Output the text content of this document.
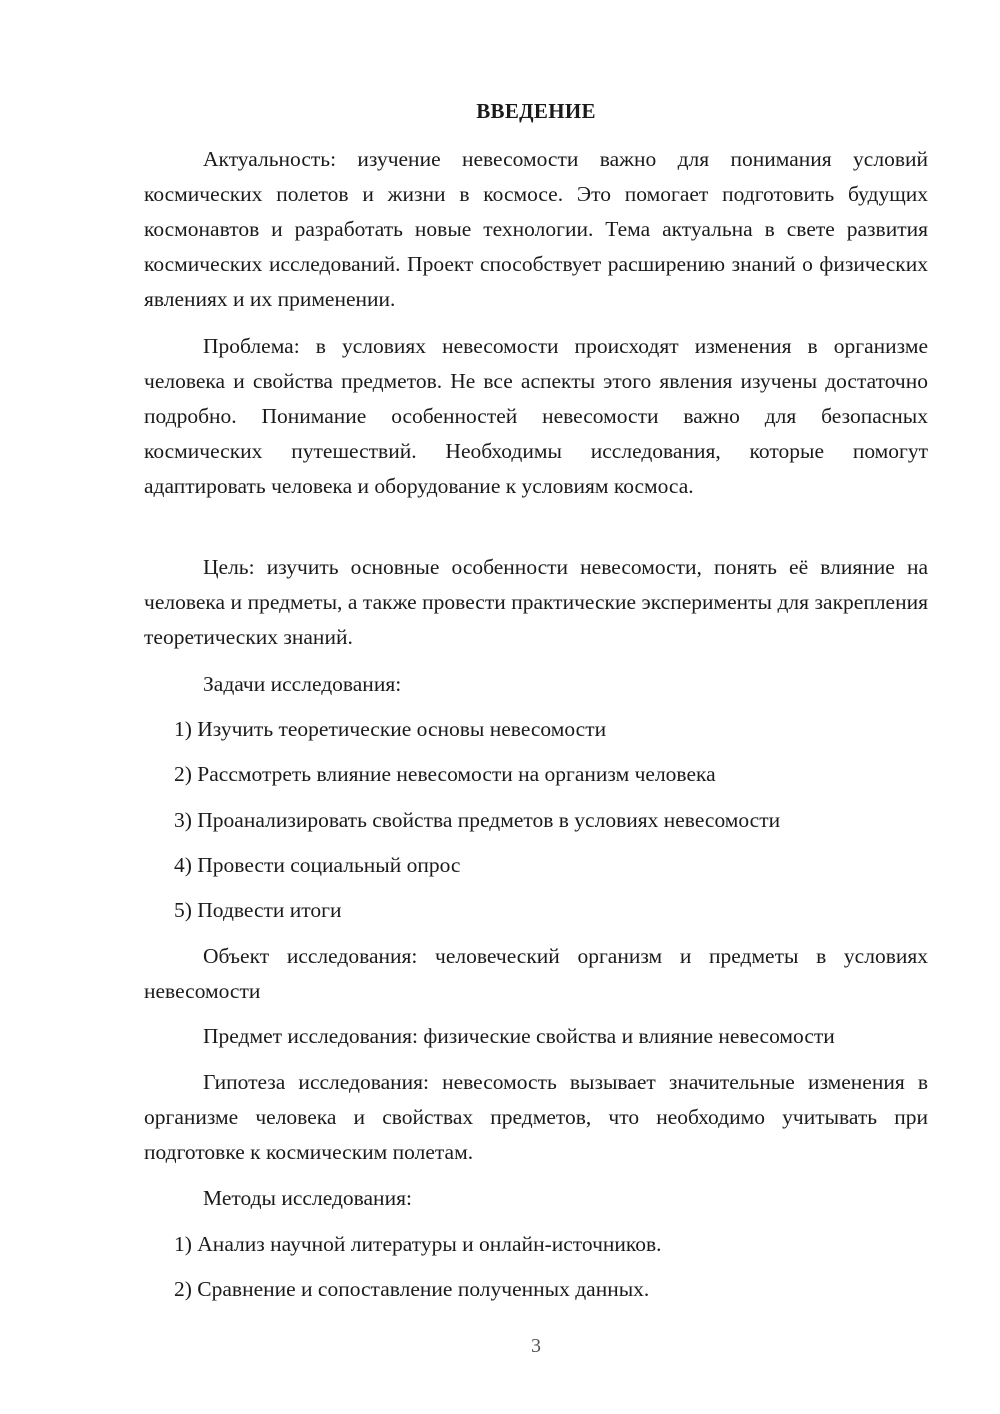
ВВЕДЕНИЕ

Актуальность: изучение невесомости важно для понимания условий космических полетов и жизни в космосе. Это помогает подготовить будущих космонавтов и разработать новые технологии. Тема актуальна в свете развития космических исследований. Проект способствует расширению знаний о физических явлениях и их применении.

Проблема: в условиях невесомости происходят изменения в организме человека и свойства предметов. Не все аспекты этого явления изучены достаточно подробно. Понимание особенностей невесомости важно для безопасных космических путешествий. Необходимы исследования, которые помогут адаптировать человека и оборудование к условиям космоса.

Цель: изучить основные особенности невесомости, понять её влияние на человека и предметы, а также провести практические эксперименты для закрепления теоретических знаний.

Задачи исследования:

1) Изучить теоретические основы невесомости

2) Рассмотреть влияние невесомости на организм человека

3) Проанализировать свойства предметов в условиях невесомости

4) Провести социальный опрос

5) Подвести итоги

Объект исследования: человеческий организм и предметы в условиях невесомости

Предмет исследования: физические свойства и влияние невесомости

Гипотеза исследования: невесомость вызывает значительные изменения в организме человека и свойствах предметов, что необходимо учитывать при подготовке к космическим полетам.

Методы исследования:

1) Анализ научной литературы и онлайн-источников.

2) Сравнение и сопоставление полученных данных.

3
